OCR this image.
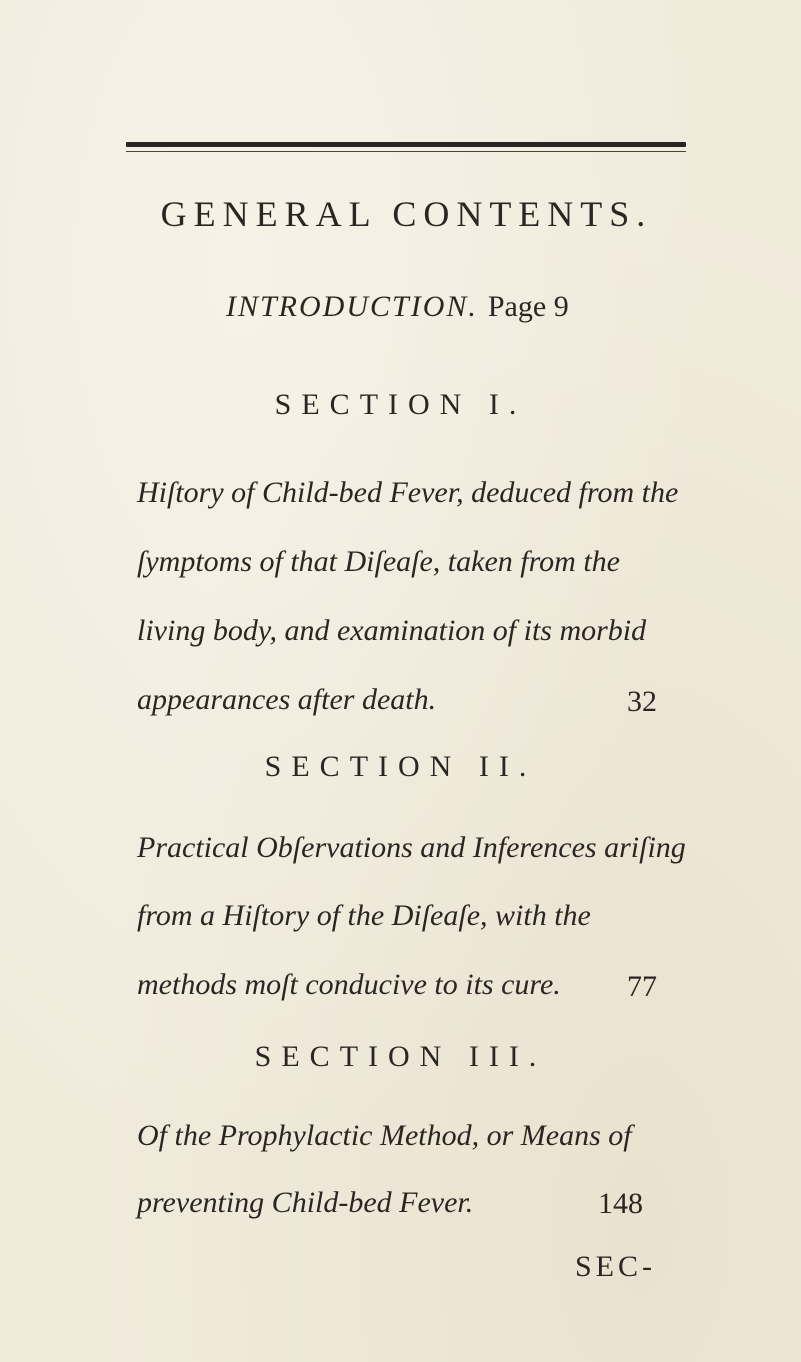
GENERAL CONTENTS.
INTRODUCTION. Page 9
SECTION I.
Hiſtory of Child-bed Fever, deduced from the
ſymptoms of that Diſeaſe, taken from the
living body, and examination of its morbid
appearances after death.	32
SECTION II.
Practical Obſervations and Inferences ariſing
from a Hiſtory of the Diſeaſe, with the
methods moſt conducive to its cure. 77
SECTION III.
Of the Prophylactic Method, or Means of
preventing Child-bed Fever.	148
SEC-
